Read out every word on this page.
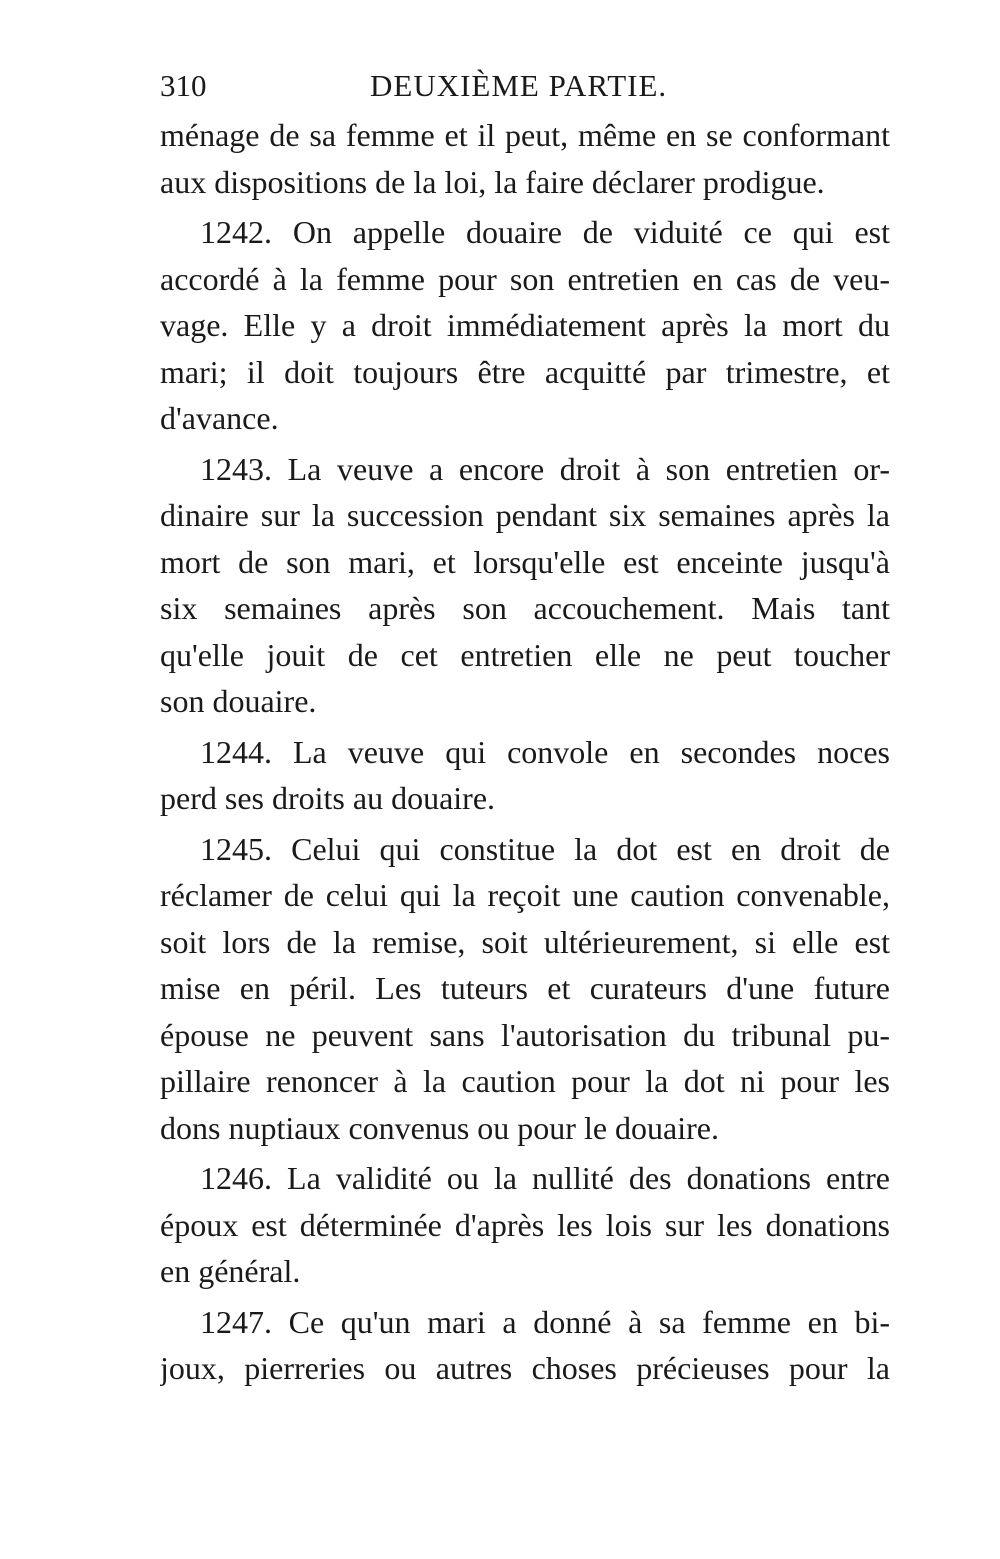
310	DEUXIÈME PARTIE.
ménage de sa femme et il peut, même en se conformant
aux dispositions de la loi, la faire déclarer prodigue.
1242. On appelle douaire de viduité ce qui est
accordé à la femme pour son entretien en cas de veu-
vage. Elle y a droit immédiatement après la mort du
mari; il doit toujours être acquitté par trimestre, et
d'avance.
1243. La veuve a encore droit à son entretien or-
dinaire sur la succession pendant six semaines après la
mort de son mari, et lorsqu'elle est enceinte jusqu'à
six semaines après son accouchement. Mais tant
qu'elle jouit de cet entretien elle ne peut toucher
son douaire.
1244. La veuve qui convole en secondes noces
perd ses droits au douaire.
1245. Celui qui constitue la dot est en droit de
réclamer de celui qui la reçoit une caution convenable,
soit lors de la remise, soit ultérieurement, si elle est
mise en péril. Les tuteurs et curateurs d'une future
épouse ne peuvent sans l'autorisation du tribunal pu-
pillaire renoncer à la caution pour la dot ni pour les
dons nuptiaux convenus ou pour le douaire.
1246. La validité ou la nullité des donations entre
époux est déterminée d'après les lois sur les donations
en général.
1247. Ce qu'un mari a donné à sa femme en bi-
joux, pierreries ou autres choses précieuses pour la
